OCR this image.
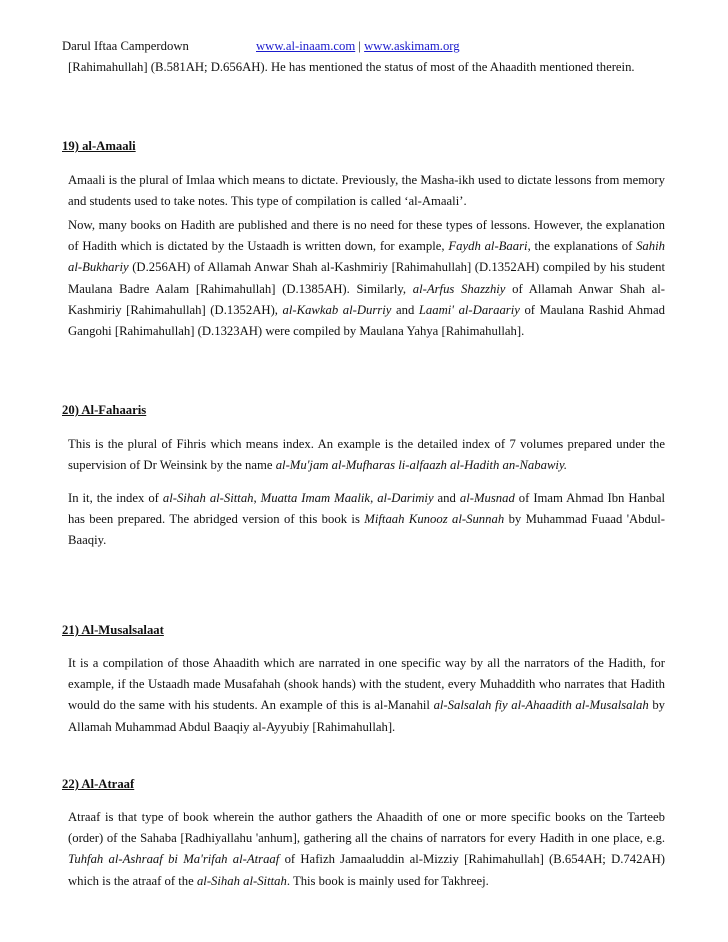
Darul Iftaa Camperdown	www.al-inaam.com | www.askimam.org
[Rahimahullah] (B.581AH; D.656AH). He has mentioned the status of most of the Ahaadith mentioned therein.
19) al-Amaali
Amaali is the plural of Imlaa which means to dictate. Previously, the Masha-ikh used to dictate lessons from memory and students used to take notes. This type of compilation is called ‘al-Amaali’.
Now, many books on Hadith are published and there is no need for these types of lessons. However, the explanation of Hadith which is dictated by the Ustaadh is written down, for example, Faydh al-Baari, the explanations of Sahih al-Bukhariy (D.256AH) of Allamah Anwar Shah al-Kashmiriy [Rahimahullah] (D.1352AH) compiled by his student Maulana Badre Aalam [Rahimahullah] (D.1385AH). Similarly, al-Arfus Shazzhiy of Allamah Anwar Shah al-Kashmiriy [Rahimahullah] (D.1352AH), al-Kawkab al-Durriy and Laami' al-Daraariy of Maulana Rashid Ahmad Gangohi [Rahimahullah] (D.1323AH) were compiled by Maulana Yahya [Rahimahullah].
20) Al-Fahaaris
This is the plural of Fihris which means index. An example is the detailed index of 7 volumes prepared under the supervision of Dr Weinsink by the name al-Mu'jam al-Mufharas li-alfaazh al-Hadith an-Nabawiy.
In it, the index of al-Sihah al-Sittah, Muatta Imam Maalik, al-Darimiy and al-Musnad of Imam Ahmad Ibn Hanbal has been prepared. The abridged version of this book is Miftaah Kunooz al-Sunnah by Muhammad Fuaad 'Abdul-Baaqiy.
21) Al-Musalsalaat
It is a compilation of those Ahaadith which are narrated in one specific way by all the narrators of the Hadith, for example, if the Ustaadh made Musafahah (shook hands) with the student, every Muhaddith who narrates that Hadith would do the same with his students. An example of this is al-Manahil al-Salsalah fiy al-Ahaadith al-Musalsalah by Allamah Muhammad Abdul Baaqiy al-Ayyubiy [Rahimahullah].
22) Al-Atraaf
Atraaf is that type of book wherein the author gathers the Ahaadith of one or more specific books on the Tarteeb (order) of the Sahaba [Radhiyallahu 'anhum], gathering all the chains of narrators for every Hadith in one place, e.g. Tuhfah al-Ashraaf bi Ma'rifah al-Atraaf of Hafizh Jamaaluddin al-Mizziy [Rahimahullah] (B.654AH; D.742AH) which is the atraaf of the al-Sihah al-Sittah. This book is mainly used for Takhreej.
